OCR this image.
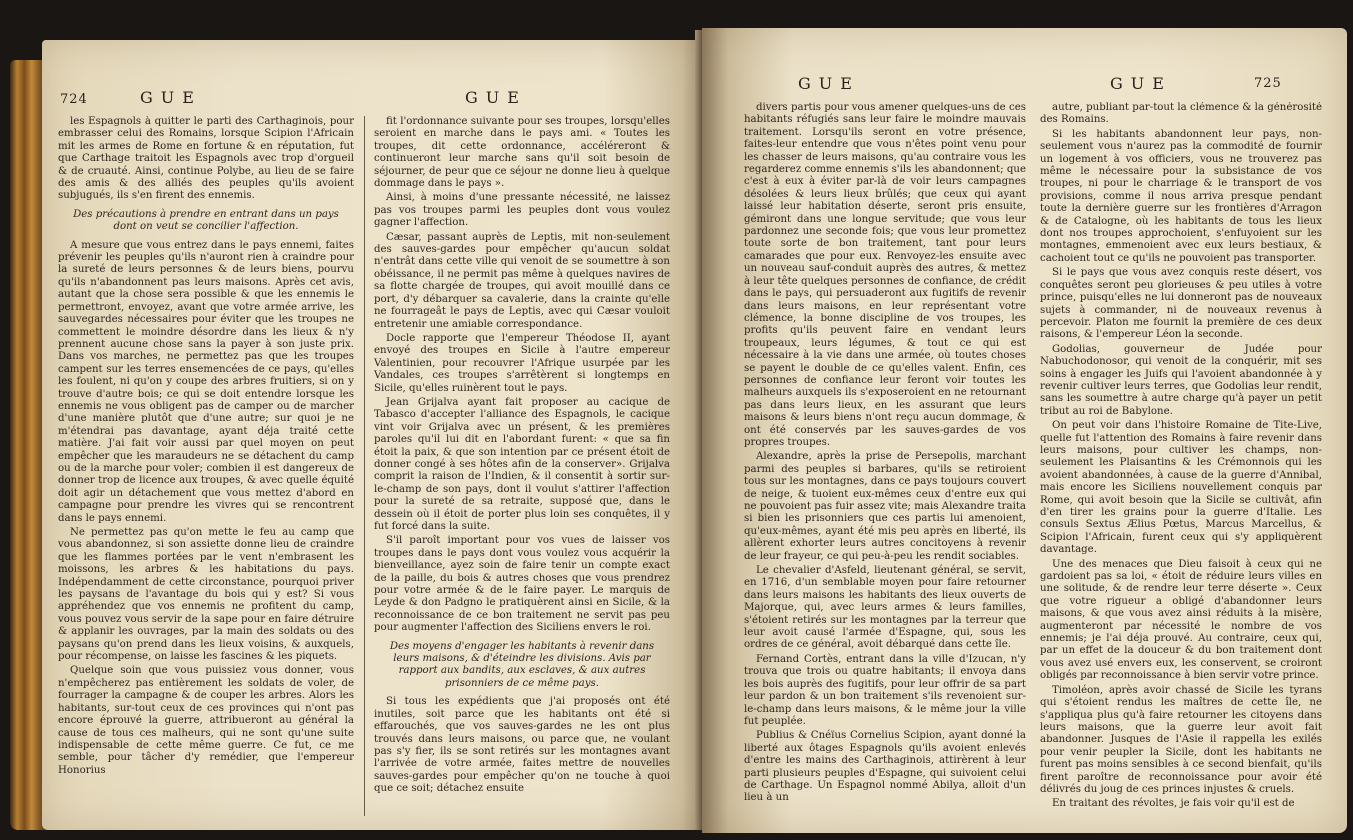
724	GUE	GUE

les Espagnols à quitter le parti des Carthaginois, pour embrasser celui des Romains, lorsque Scipion l'Africain mit les armes de Rome en fortune & en réputation, fut que Carthage traitoit les Espagnols avec trop d'orgueil & de cruauté. Ainsi, continue Polybe, au lieu de se faire des amis & des alliés des peuples qu'ils avoient subjugués, ils s'en firent des ennemis.

Des précautions à prendre en entrant dans un pays dont on veut se concilier l'affection.

A mesure que vous entrez dans le pays ennemi, faites prévenir les peuples qu'ils n'auront rien à craindre pour la sureté de leurs personnes & de leurs biens, pourvu qu'ils n'abandonnent pas leurs maisons. Après cet avis, autant que la chose sera possible & que les ennemis le permettront, envoyez, avant que votre armée arrive, les sauvegardes nécessaires pour éviter que les troupes ne commettent le moindre désordre dans les lieux & n'y prennent aucune chose sans la payer à son juste prix. Dans vos marches, ne permettez pas que les troupes campent sur les terres ensemencées de ce pays, qu'elles les foulent, ni qu'on y coupe des arbres fruitiers, si on y trouve d'autre bois; ce qui se doit entendre lorsque les ennemis ne vous obligent pas de camper ou de marcher d'une manière plutôt que d'une autre; sur quoi je ne m'étendrai pas davantage, ayant déja traité cette matière. J'ai fait voir aussi par quel moyen on peut empêcher que les maraudeurs ne se détachent du camp ou de la marche pour voler; combien il est dangereux de donner trop de licence aux troupes, & avec quelle équité doit agir un détachement que vous mettez d'abord en campagne pour prendre les vivres qui se rencontrent dans le pays ennemi.

Ne permettez pas qu'on mette le feu au camp que vous abandonnez, si son assiette donne lieu de craindre que les flammes portées par le vent n'embrasent les moissons, les arbres & les habitations du pays. Indépendamment de cette circonstance, pourquoi priver les paysans de l'avantage du bois qui y est? Si vous appréhendez que vos ennemis ne profitent du camp, vous pouvez vous servir de la sape pour en faire détruire & applanir les ouvrages, par la main des soldats ou des paysans qu'on prend dans les lieux voisins, & auxquels, pour récompense, on laisse les fascines & les piquets.

Quelque soin que vous puissiez vous donner, vous n'empêcherez pas entièrement les soldats de voler, de fourrager la campagne & de couper les arbres. Alors les habitants, sur-tout ceux de ces provinces qui n'ont pas encore éprouvé la guerre, attribueront au général la cause de tous ces malheurs, qui ne sont qu'une suite indispensable de cette même guerre. Ce fut, ce me semble, pour tâcher d'y remédier, que l'empereur Honorius

fit l'ordonnance suivante pour ses troupes, lorsqu'elles seroient en marche dans le pays ami. « Toutes les troupes, dit cette ordonnance, accéléreront & continueront leur marche sans qu'il soit besoin de séjourner, de peur que ce séjour ne donne lieu à quelque dommage dans le pays ».

Ainsi, à moins d'une pressante nécessité, ne laissez pas vos troupes parmi les peuples dont vous voulez gagner l'affection.

Cæsar, passant auprès de Leptis, mit non-seulement des sauves-gardes pour empêcher qu'aucun soldat n'entrât dans cette ville qui venoit de se soumettre à son obéissance, il ne permit pas même à quelques navires de sa flotte chargée de troupes, qui avoit mouillé dans ce port, d'y débarquer sa cavalerie, dans la crainte qu'elle ne fourrageât le pays de Leptis, avec qui Cæsar vouloit entretenir une amiable correspondance.

Docle rapporte que l'empereur Théodose II, ayant envoyé des troupes en Sicile à l'autre empereur Valentinien, pour recouvrer l'Afrique usurpée par les Vandales, ces troupes s'arrêtèrent si longtemps en Sicile, qu'elles ruinèrent tout le pays.

Jean Grijalva ayant fait proposer au cacique de Tabasco d'accepter l'alliance des Espagnols, le cacique vint voir Grijalva avec un présent, & les premières paroles qu'il lui dit en l'abordant furent: « que sa fin étoit la paix, & que son intention par ce présent étoit de donner congé à ses hôtes afin de la conserver». Grijalva comprit la raison de l'Indien, & il consentit à sortir sur-le-champ de son pays, dont il voulut s'attirer l'affection pour la sureté de sa retraite, supposé que, dans le dessein où il étoit de porter plus loin ses conquêtes, il y fut forcé dans la suite.

S'il paroît important pour vos vues de laisser vos troupes dans le pays dont vous voulez vous acquérir la bienveillance, ayez soin de faire tenir un compte exact de la paille, du bois & autres choses que vous prendrez pour votre armée & de le faire payer. Le marquis de Leyde & don Padgno le pratiquèrent ainsi en Sicile, & la reconnoissance de ce bon traitement ne servit pas peu pour augmenter l'affection des Siciliens envers le roi.

Des moyens d'engager les habitants à revenir dans leurs maisons, & d'éteindre les divisions. Avis par rapport aux bandits, aux esclaves, & aux autres prisonniers de ce même pays.

Si tous les expédients que j'ai proposés ont été inutiles, soit parce que les habitants ont été si effarouchés, que vos sauves-gardes ne les ont plus trouvés dans leurs maisons, ou parce que, ne voulant pas s'y fier, ils se sont retirés sur les montagnes avant l'arrivée de votre armée, faites mettre de nouvelles sauves-gardes pour empêcher qu'on ne touche à quoi que ce soit; détachez ensuite

GUE	GUE	725

divers partis pour vous amener quelques-uns de ces habitants réfugiés sans leur faire le moindre mauvais traitement. Lorsqu'ils seront en votre présence, faites-leur entendre que vous n'êtes point venu pour les chasser de leurs maisons, qu'au contraire vous les regarderez comme ennemis s'ils les abandonnent; que c'est à eux à éviter par-là de voir leurs campagnes désolées & leurs lieux brûlés; que ceux qui ayant laissé leur habitation déserte, seront pris ensuite, gémiront dans une longue servitude; que vous leur pardonnez une seconde fois; que vous leur promettez toute sorte de bon traitement, tant pour leurs camarades que pour eux. Renvoyez-les ensuite avec un nouveau sauf-conduit auprès des autres, & mettez à leur tête quelques personnes de confiance, de crédit dans le pays, qui persuaderont aux fugitifs de revenir dans leurs maisons, en leur représentant votre clémence, la bonne discipline de vos troupes, les profits qu'ils peuvent faire en vendant leurs troupeaux, leurs légumes, & tout ce qui est nécessaire à la vie dans une armée, où toutes choses se payent le double de ce qu'elles valent. Enfin, ces personnes de confiance leur feront voir toutes les malheurs auxquels ils s'exposeroient en ne retournant pas dans leurs lieux, en les assurant que leurs maisons & leurs biens n'ont reçu aucun dommage, & ont été conservés par les sauves-gardes de vos propres troupes.

Alexandre, après la prise de Persepolis, marchant parmi des peuples si barbares, qu'ils se retiroient tous sur les montagnes, dans ce pays toujours couvert de neige, & tuoient eux-mêmes ceux d'entre eux qui ne pouvoient pas fuir assez vite; mais Alexandre traita si bien les prisonniers que ces partis lui amenoient, qu'eux-mêmes, ayant été mis peu après en liberté, ils allèrent exhorter leurs autres concitoyens à revenir de leur frayeur, ce qui peu-à-peu les rendit sociables.

Le chevalier d'Asfeld, lieutenant général, se servit, en 1716, d'un semblable moyen pour faire retourner dans leurs maisons les habitants des lieux ouverts de Majorque, qui, avec leurs armes & leurs familles, s'étoient retirés sur les montagnes par la terreur que leur avoit causé l'armée d'Espagne, qui, sous les ordres de ce général, avoit débarqué dans cette île.

Fernand Cortès, entrant dans la ville d'Izucan, n'y trouva que trois ou quatre habitants; il envoya dans les bois auprès des fugitifs, pour leur offrir de sa part leur pardon & un bon traitement s'ils revenoient sur-le-champ dans leurs maisons, & le même jour la ville fut peuplée.

Publius & Cnéïus Cornelius Scipion, ayant donné la liberté aux ôtages Espagnols qu'ils avoient enlevés d'entre les mains des Carthaginois, attirèrent à leur parti plusieurs peuples d'Espagne, qui suivoient celui de Carthage. Un Espagnol nommé Abilya, alloit d'un lieu à un

autre, publiant par-tout la clémence & la générosité des Romains.

Si les habitants abandonnent leur pays, non-seulement vous n'aurez pas la commodité de fournir un logement à vos officiers, vous ne trouverez pas même le nécessaire pour la subsistance de vos troupes, ni pour le charriage & le transport de vos provisions, comme il nous arriva presque pendant toute la dernière guerre sur les frontières d'Arragon & de Catalogne, où les habitants de tous les lieux dont nos troupes approchoient, s'enfuyoient sur les montagnes, emmenoient avec eux leurs bestiaux, & cachoient tout ce qu'ils ne pouvoient pas transporter.

Si le pays que vous avez conquis reste désert, vos conquêtes seront peu glorieuses & peu utiles à votre prince, puisqu'elles ne lui donneront pas de nouveaux sujets à commander, ni de nouveaux revenus à percevoir. Platon me fournit la première de ces deux raisons, & l'empereur Léon la seconde.

Godolias, gouverneur de Judée pour Nabuchodonosor, qui venoit de la conquérir, mit ses soins à engager les Juifs qui l'avoient abandonnée à y revenir cultiver leurs terres, que Godolias leur rendit, sans les soumettre à autre charge qu'à payer un petit tribut au roi de Babylone.

On peut voir dans l'histoire Romaine de Tite-Live, quelle fut l'attention des Romains à faire revenir dans leurs maisons, pour cultiver les champs, non-seulement les Plaisantins & les Crémonnois qui les avoient abandonnées, à cause de la guerre d'Annibal, mais encore les Siciliens nouvellement conquis par Rome, qui avoit besoin que la Sicile se cultivât, afin d'en tirer les grains pour la guerre d'Italie. Les consuls Sextus Ælius Pœtus, Marcus Marcellus, & Scipion l'Africain, furent ceux qui s'y appliquèrent davantage.

Une des menaces que Dieu faisoit à ceux qui ne gardoient pas sa loi, « étoit de réduire leurs villes en une solitude, & de rendre leur terre déserte ». Ceux que votre rigueur a obligé d'abandonner leurs maisons, & que vous avez ainsi réduits à la misère, augmenteront par nécessité le nombre de vos ennemis; je l'ai déja prouvé. Au contraire, ceux qui, par un effet de la douceur & du bon traitement dont vous avez usé envers eux, les conservent, se croiront obligés par reconnoissance à bien servir votre prince.

Timoléon, après avoir chassé de Sicile les tyrans qui s'étoient rendus les maîtres de cette île, ne s'appliqua plus qu'à faire retourner les citoyens dans leurs maisons, que la guerre leur avoit fait abandonner. Jusques de l'Asie il rappella les exilés pour venir peupler la Sicile, dont les habitants ne furent pas moins sensibles à ce second bienfait, qu'ils firent paroître de reconnoissance pour avoir été délivrés du joug de ces princes injustes & cruels.

En traitant des révoltes, je fais voir qu'il est de
